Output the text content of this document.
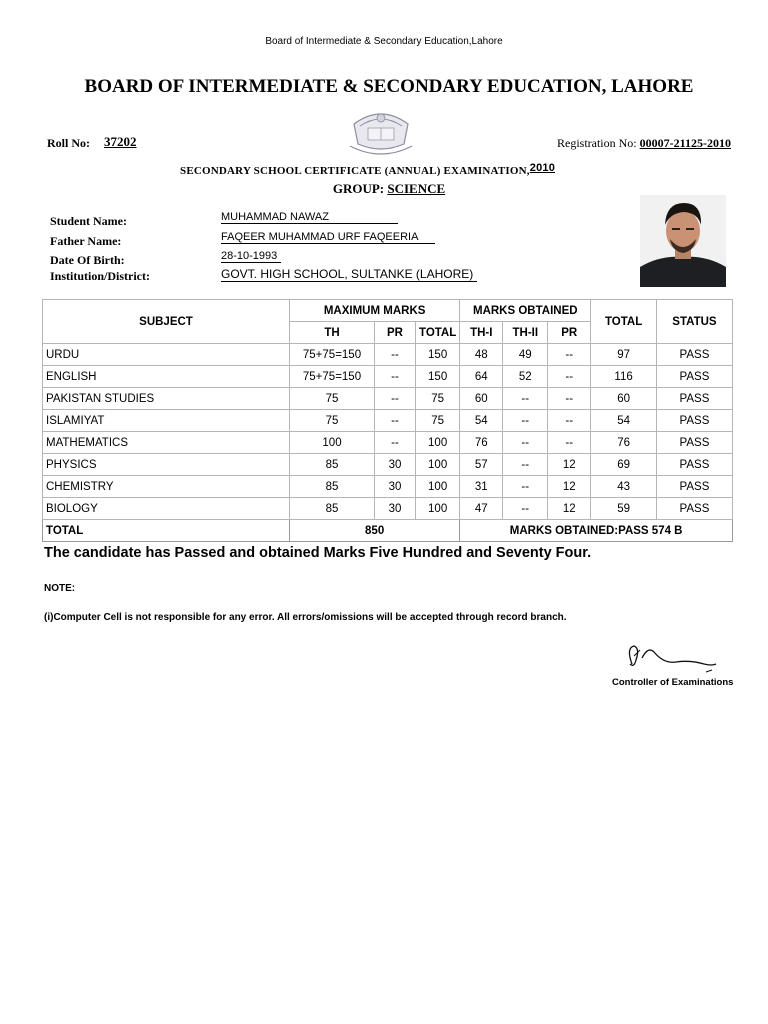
Board of Intermediate & Secondary Education,Lahore
BOARD OF INTERMEDIATE & SECONDARY EDUCATION, LAHORE
Roll No: 37202	Registration No: 00007-21125-2010
SECONDARY SCHOOL CERTIFICATE (ANNUAL) EXAMINATION,2010
GROUP: SCIENCE
Student Name:	MUHAMMAD NAWAZ
Father Name:	FAQEER MUHAMMAD URF FAQEERIA
Date Of Birth:	28-10-1993
Institution/District:	GOVT. HIGH SCHOOL, SULTANKE (LAHORE)
SUBJECT	MAXIMUM MARKS			MARKS OBTAINED			TOTAL	STATUS
	TH	PR	TOTAL	TH-I	TH-II	PR		
URDU	75+75=150	--	150	48	49	--	97	PASS
ENGLISH	75+75=150	--	150	64	52	--	116	PASS
PAKISTAN STUDIES	75	--	75	60	--	--	60	PASS
ISLAMIYAT	75	--	75	54	--	--	54	PASS
MATHEMATICS	100	--	100	76	--	--	76	PASS
PHYSICS	85	30	100	57	--	12	69	PASS
CHEMISTRY	85	30	100	31	--	12	43	PASS
BIOLOGY	85	30	100	47	--	12	59	PASS
TOTAL	850			MARKS OBTAINED:PASS 574 B				
The candidate has Passed and obtained Marks Five Hundred and Seventy Four.
NOTE:
(i)Computer Cell is not responsible for any error. All errors/omissions will be accepted through record branch.
Controller of Examinations
